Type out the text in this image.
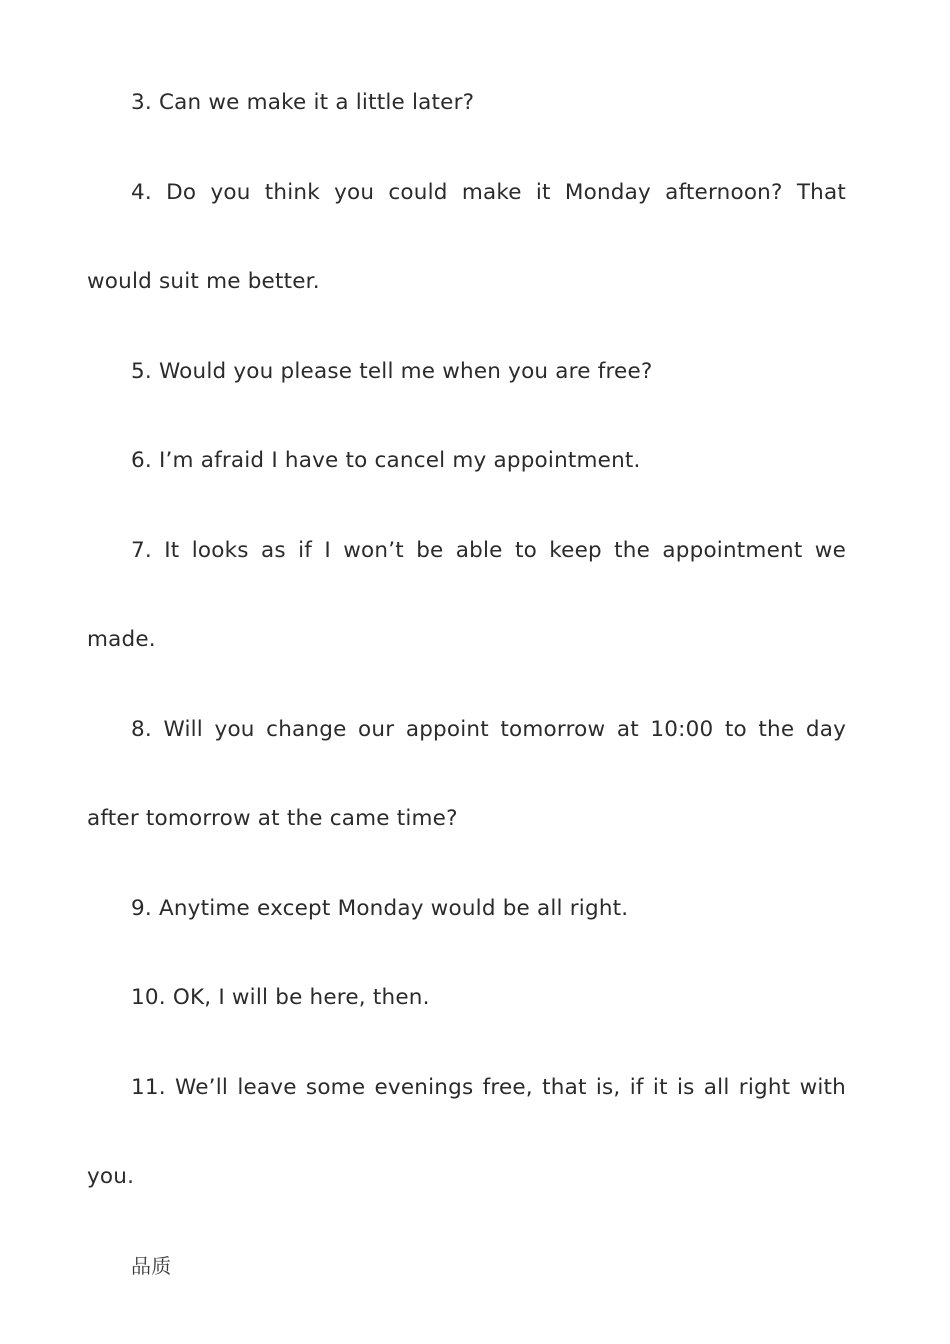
3. Can we make it a little later?

4. Do you think you could make it Monday afternoon? That would suit me better.

5. Would you please tell me when you are free?

6. I’m afraid I have to cancel my appointment.

7. It looks as if I won’t be able to keep the appointment we made.

8. Will you change our appoint tomorrow at 10:00 to the day after tomorrow at the came time?

9. Anytime except Monday would be all right.

10. OK, I will be here, then.

11. We’ll leave some evenings free, that is, if it is all right with you.

品质
